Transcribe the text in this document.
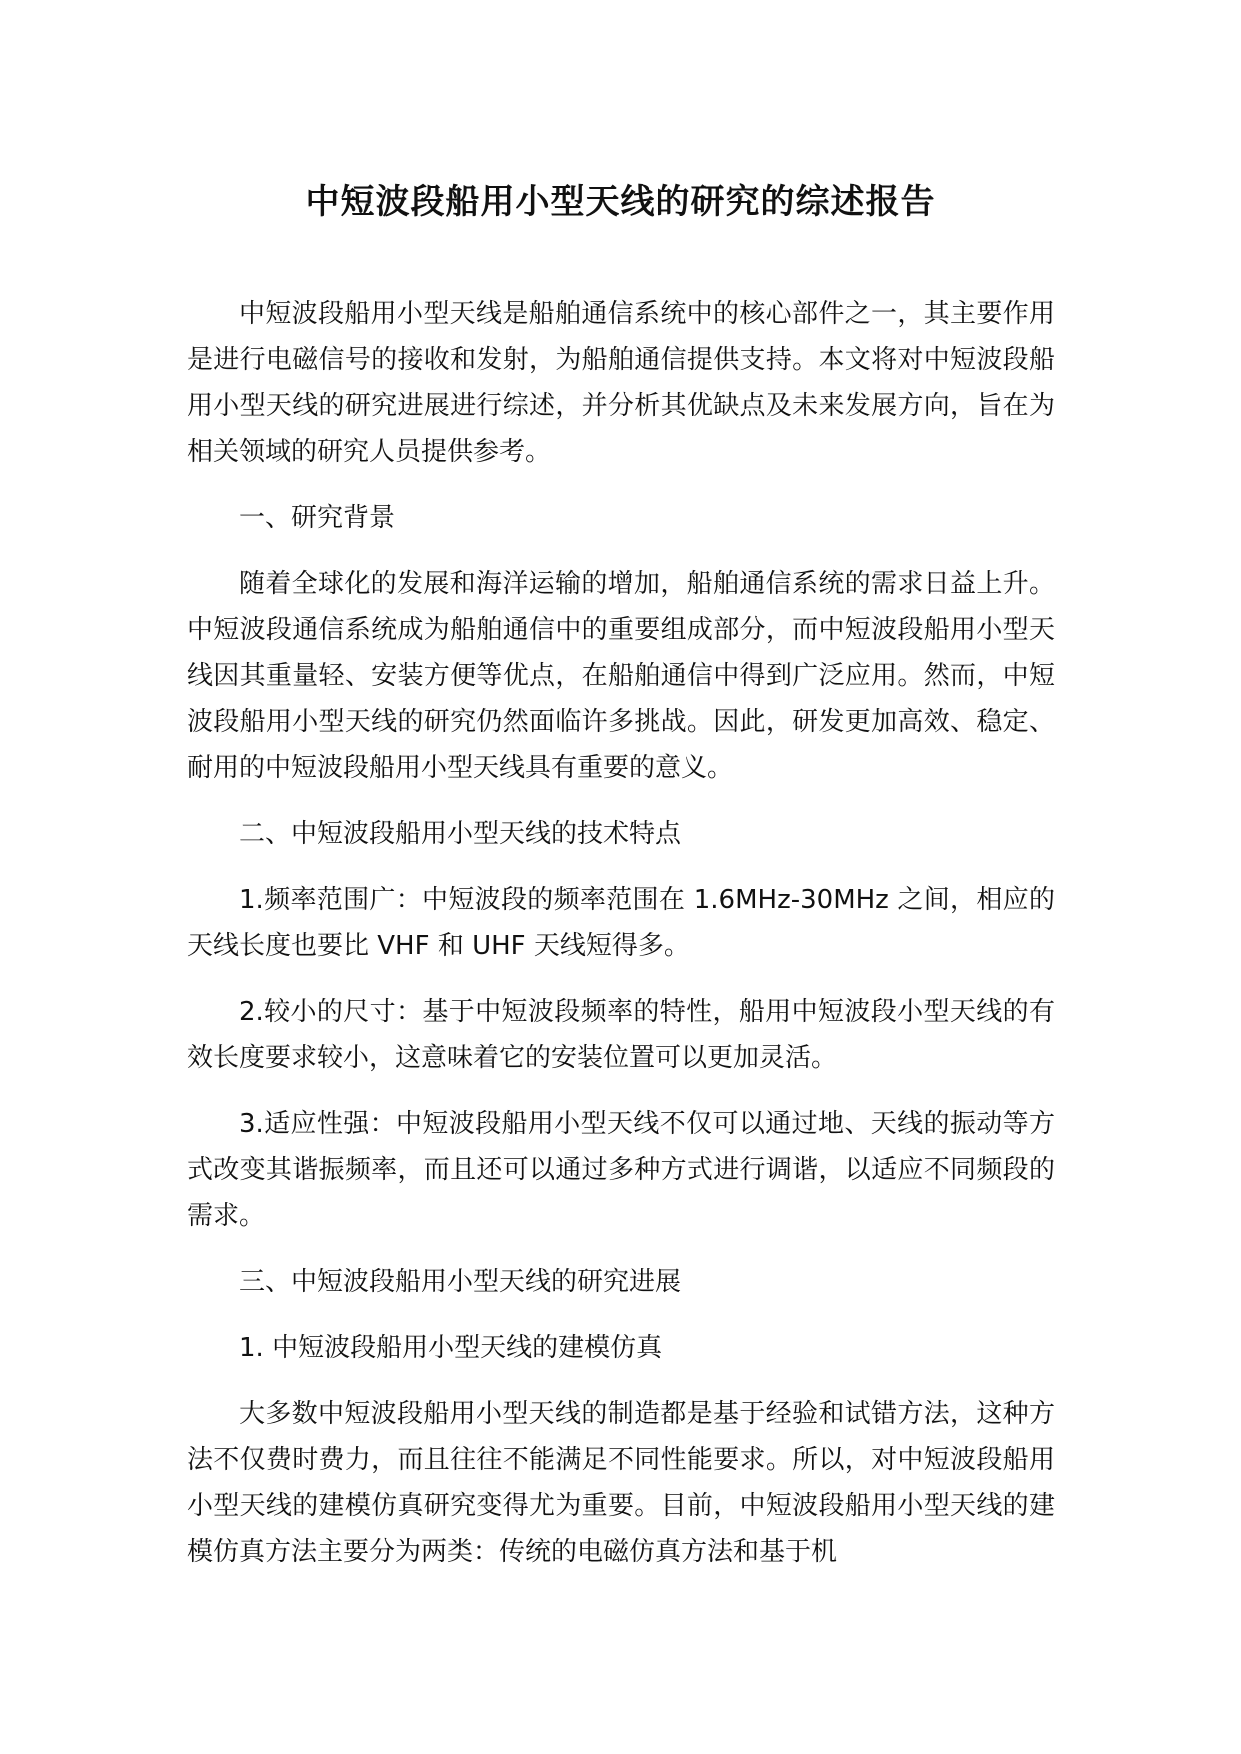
中短波段船用小型天线的研究的综述报告

中短波段船用小型天线是船舶通信系统中的核心部件之一，其主要作用是进行电磁信号的接收和发射，为船舶通信提供支持。本文将对中短波段船用小型天线的研究进展进行综述，并分析其优缺点及未来发展方向，旨在为相关领域的研究人员提供参考。

一、研究背景

随着全球化的发展和海洋运输的增加，船舶通信系统的需求日益上升。中短波段通信系统成为船舶通信中的重要组成部分，而中短波段船用小型天线因其重量轻、安装方便等优点，在船舶通信中得到广泛应用。然而，中短波段船用小型天线的研究仍然面临许多挑战。因此，研发更加高效、稳定、耐用的中短波段船用小型天线具有重要的意义。

二、中短波段船用小型天线的技术特点

1.频率范围广：中短波段的频率范围在 1.6MHz-30MHz 之间，相应的天线长度也要比 VHF 和 UHF 天线短得多。

2.较小的尺寸：基于中短波段频率的特性，船用中短波段小型天线的有效长度要求较小，这意味着它的安装位置可以更加灵活。

3.适应性强：中短波段船用小型天线不仅可以通过地、天线的振动等方式改变其谐振频率，而且还可以通过多种方式进行调谐，以适应不同频段的需求。

三、中短波段船用小型天线的研究进展

1. 中短波段船用小型天线的建模仿真

大多数中短波段船用小型天线的制造都是基于经验和试错方法，这种方法不仅费时费力，而且往往不能满足不同性能要求。所以，对中短波段船用小型天线的建模仿真研究变得尤为重要。目前，中短波段船用小型天线的建模仿真方法主要分为两类：传统的电磁仿真方法和基于机
